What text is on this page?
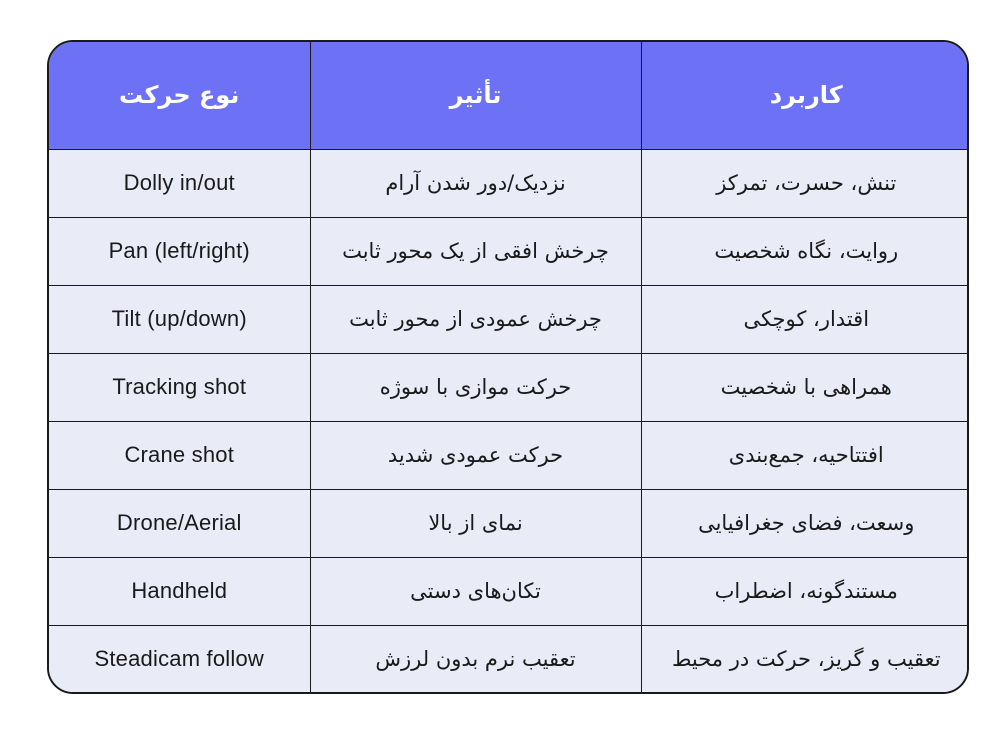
نوع حرکت	تأثیر	کاربرد
Dolly in/out	نزدیک/دور شدن آرام	تنش، حسرت، تمرکز
Pan (left/right)	چرخش افقی از یک محور ثابت	روایت، نگاه شخصیت
Tilt (up/down)	چرخش عمودی از محور ثابت	اقتدار، کوچکی
Tracking shot	حرکت موازی با سوژه	همراهی با شخصیت
Crane shot	حرکت عمودی شدید	افتتاحیه، جمع‌بندی
Drone/Aerial	نمای از بالا	وسعت، فضای جغرافیایی
Handheld	تکان‌های دستی	مستندگونه، اضطراب
Steadicam follow	تعقیب نرم بدون لرزش	تعقیب و گریز، حرکت در محیط
